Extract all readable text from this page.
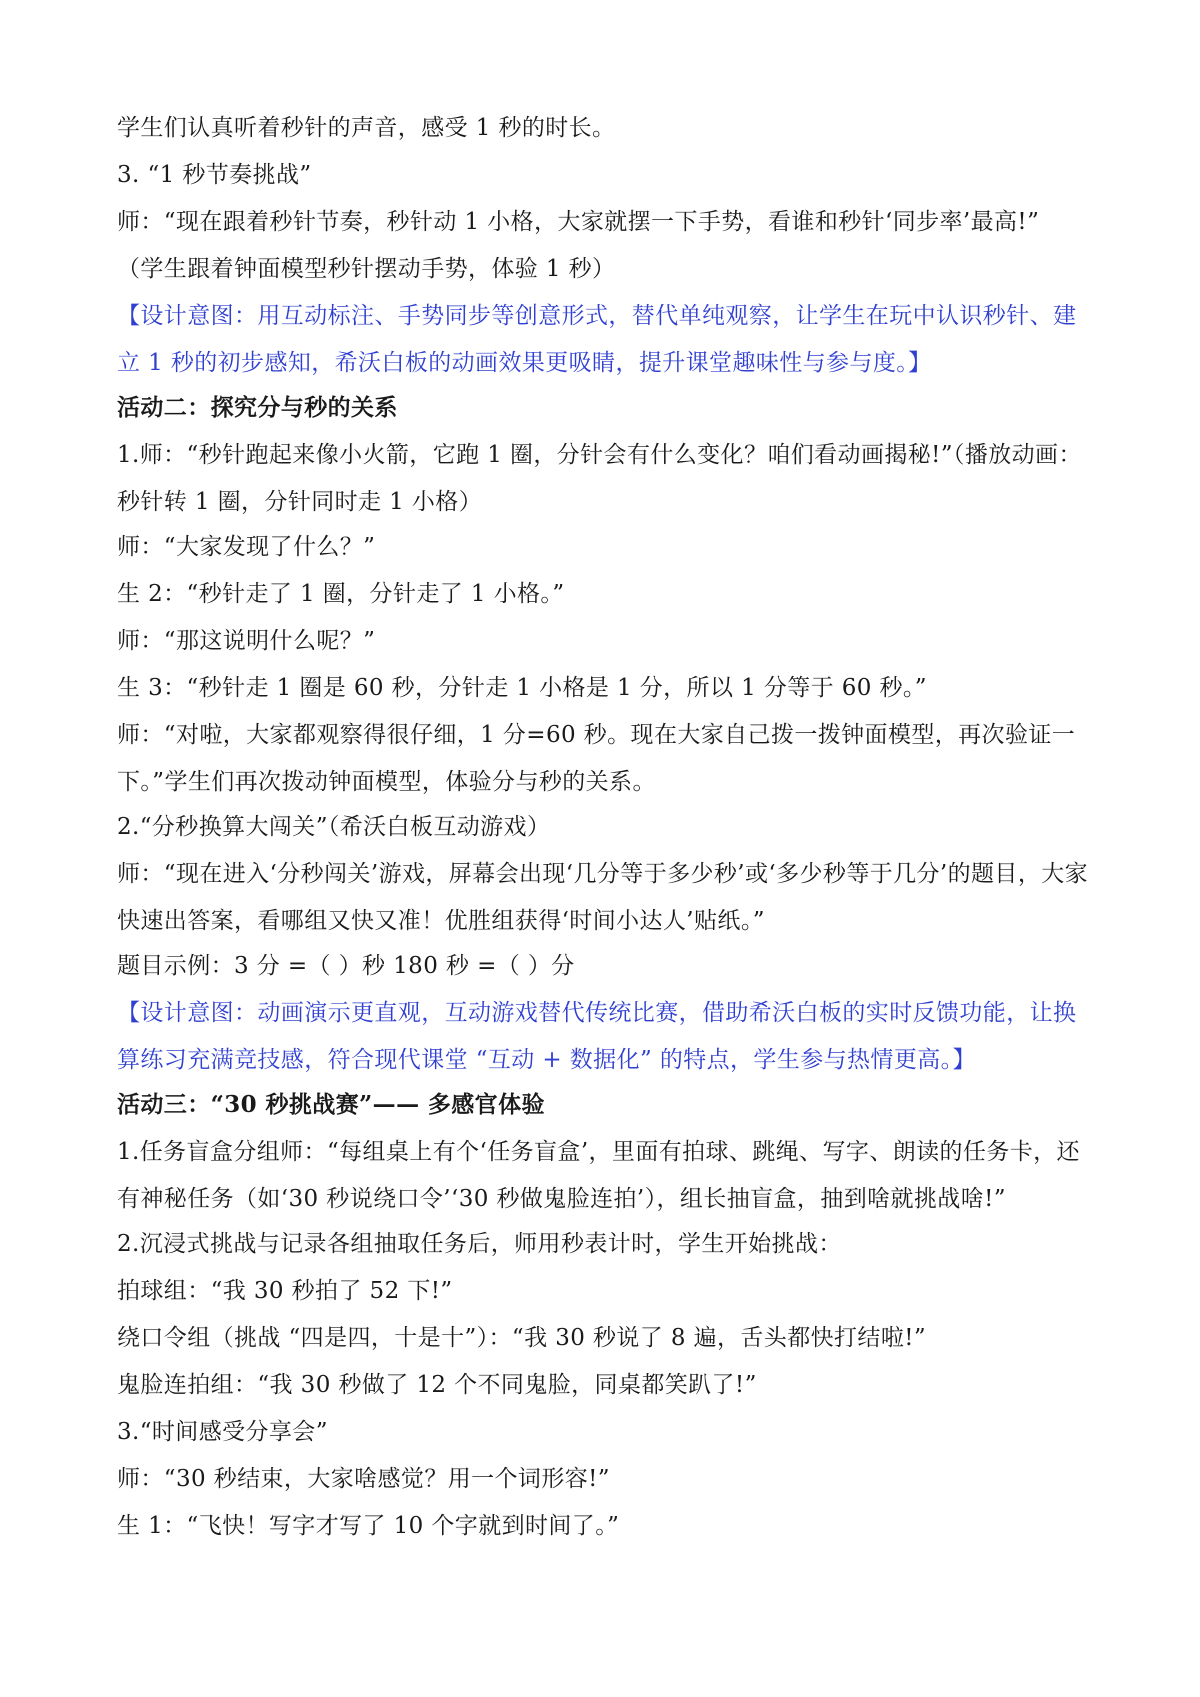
学生们认真听着秒针的声音，感受 1 秒的时长。
3. “1 秒节奏挑战”
师：“现在跟着秒针节奏，秒针动 1 小格，大家就摆一下手势，看谁和秒针‘同步率’最高!”
（学生跟着钟面模型秒针摆动手势，体验 1 秒）
【设计意图：用互动标注、手势同步等创意形式，替代单纯观察，让学生在玩中认识秒针、建立 1 秒的初步感知，希沃白板的动画效果更吸睛，提升课堂趣味性与参与度。】
活动二：探究分与秒的关系
1.师：“秒针跑起来像小火箭，它跑 1 圈，分针会有什么变化？咱们看动画揭秘!”（播放动画：秒针转 1 圈，分针同时走 1 小格）
师：“大家发现了什么？”
生 2：“秒针走了 1 圈，分针走了 1 小格。”
师：“那这说明什么呢？”
生 3：“秒针走 1 圈是 60 秒，分针走 1 小格是 1 分，所以 1 分等于 60 秒。”
师：“对啦，大家都观察得很仔细，1 分=60 秒。现在大家自己拨一拨钟面模型，再次验证一下。”学生们再次拨动钟面模型，体验分与秒的关系。
2.“分秒换算大闯关”（希沃白板互动游戏）
师：“现在进入‘分秒闯关’游戏，屏幕会出现‘几分等于多少秒’或‘多少秒等于几分’的题目，大家快速出答案，看哪组又快又准！优胜组获得‘时间小达人’贴纸。”
题目示例：3 分 =（ ）秒 180 秒 =（ ）分
【设计意图：动画演示更直观，互动游戏替代传统比赛，借助希沃白板的实时反馈功能，让换算练习充满竞技感，符合现代课堂 “互动 + 数据化” 的特点，学生参与热情更高。】
活动三：“30 秒挑战赛”—— 多感官体验
1.任务盲盒分组师：“每组桌上有个‘任务盲盒’，里面有拍球、跳绳、写字、朗读的任务卡，还有神秘任务（如‘30 秒说绕口令’‘30 秒做鬼脸连拍’），组长抽盲盒，抽到啥就挑战啥!”
2.沉浸式挑战与记录各组抽取任务后，师用秒表计时，学生开始挑战：
拍球组：“我 30 秒拍了 52 下!”
绕口令组（挑战 “四是四，十是十”）：“我 30 秒说了 8 遍，舌头都快打结啦!”
鬼脸连拍组：“我 30 秒做了 12 个不同鬼脸，同桌都笑趴了!”
3.“时间感受分享会”
师：“30 秒结束，大家啥感觉？用一个词形容!”
生 1：“飞快！写字才写了 10 个字就到时间了。”
